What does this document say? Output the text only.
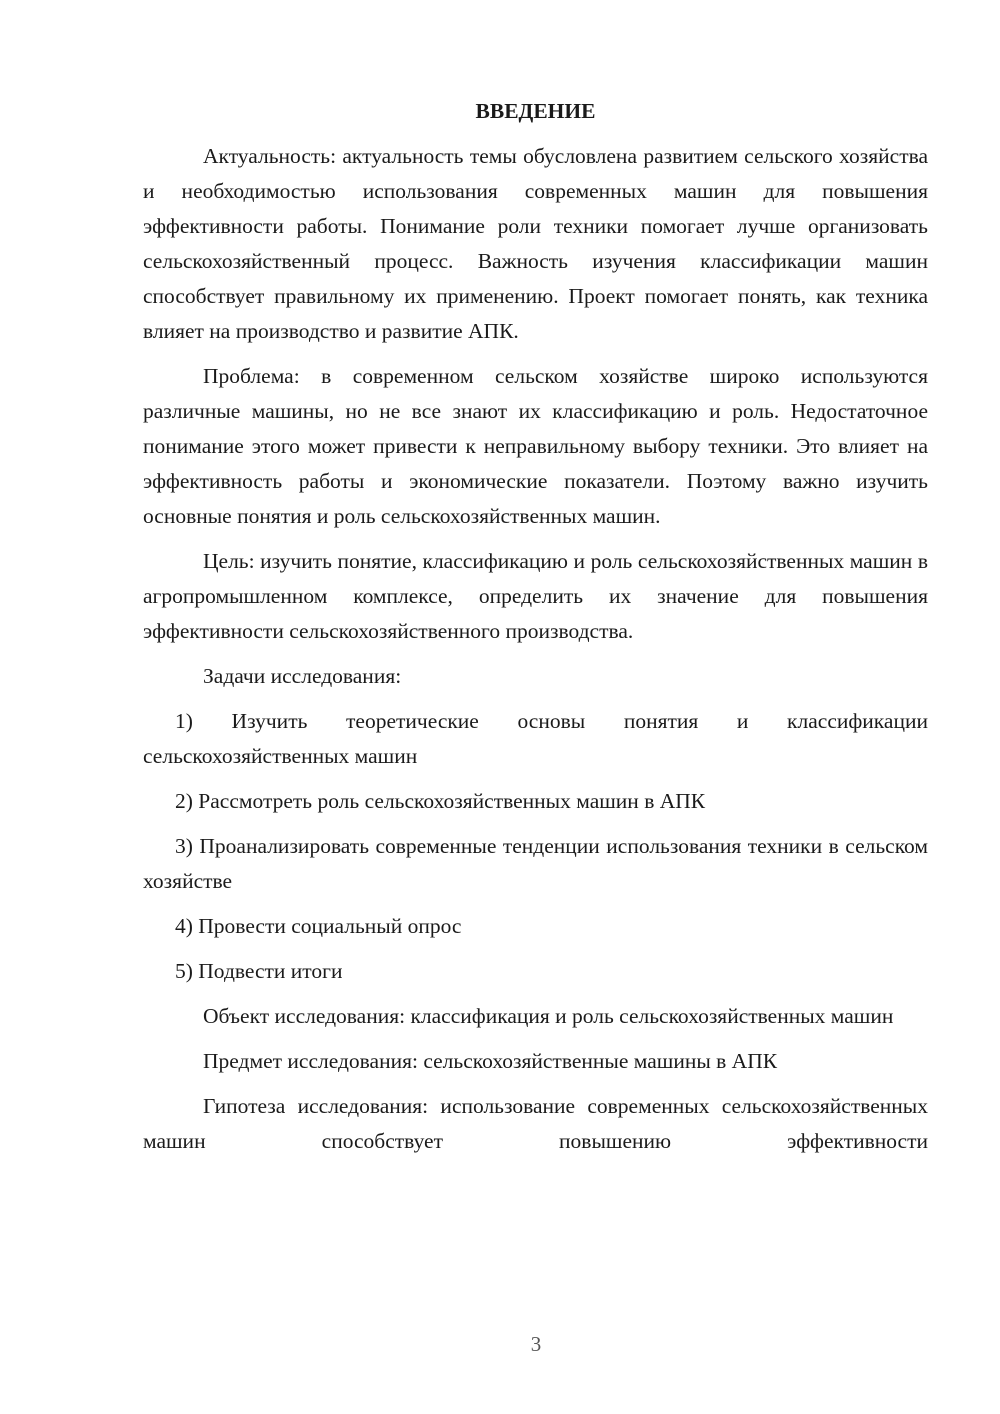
ВВЕДЕНИЕ

Актуальность: актуальность темы обусловлена развитием сельского хозяйства и необходимостью использования современных машин для повышения эффективности работы. Понимание роли техники помогает лучше организовать сельскохозяйственный процесс. Важность изучения классификации машин способствует правильному их применению. Проект помогает понять, как техника влияет на производство и развитие АПК.

Проблема: в современном сельском хозяйстве широко используются различные машины, но не все знают их классификацию и роль. Недостаточное понимание этого может привести к неправильному выбору техники. Это влияет на эффективность работы и экономические показатели. Поэтому важно изучить основные понятия и роль сельскохозяйственных машин.

Цель: изучить понятие, классификацию и роль сельскохозяйственных машин в агропромышленном комплексе, определить их значение для повышения эффективности сельскохозяйственного производства.

Задачи исследования:

1) Изучить теоретические основы понятия и классификации сельскохозяйственных машин

2) Рассмотреть роль сельскохозяйственных машин в АПК

3) Проанализировать современные тенденции использования техники в сельском хозяйстве

4) Провести социальный опрос

5) Подвести итоги

Объект исследования: классификация и роль сельскохозяйственных машин

Предмет исследования: сельскохозяйственные машины в АПК

Гипотеза исследования: использование современных сельскохозяйственных машин способствует повышению эффективности

3
